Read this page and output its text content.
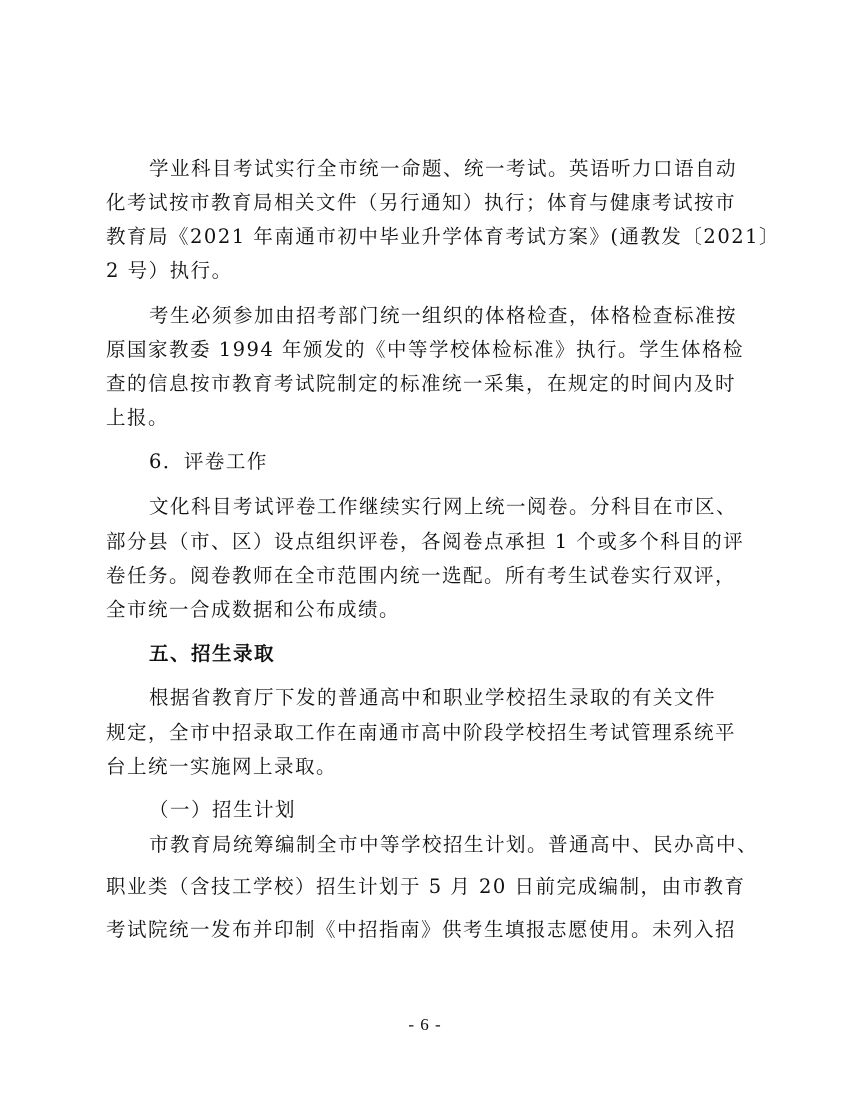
学业科目考试实行全市统一命题、统一考试。英语听力口语自动
化考试按市教育局相关文件（另行通知）执行；体育与健康考试按市
教育局《2021 年南通市初中毕业升学体育考试方案》(通教发〔2021〕
2 号）执行。
考生必须参加由招考部门统一组织的体格检查，体格检查标准按
原国家教委 1994 年颁发的《中等学校体检标准》执行。学生体格检
查的信息按市教育考试院制定的标准统一采集，在规定的时间内及时
上报。
6．评卷工作
文化科目考试评卷工作继续实行网上统一阅卷。分科目在市区、
部分县（市、区）设点组织评卷，各阅卷点承担 1 个或多个科目的评
卷任务。阅卷教师在全市范围内统一选配。所有考生试卷实行双评，
全市统一合成数据和公布成绩。
五、招生录取
根据省教育厅下发的普通高中和职业学校招生录取的有关文件
规定，全市中招录取工作在南通市高中阶段学校招生考试管理系统平
台上统一实施网上录取。
（一）招生计划
市教育局统筹编制全市中等学校招生计划。普通高中、民办高中、
职业类（含技工学校）招生计划于 5 月 20 日前完成编制，由市教育
考试院统一发布并印制《中招指南》供考生填报志愿使用。未列入招
- 6 -
